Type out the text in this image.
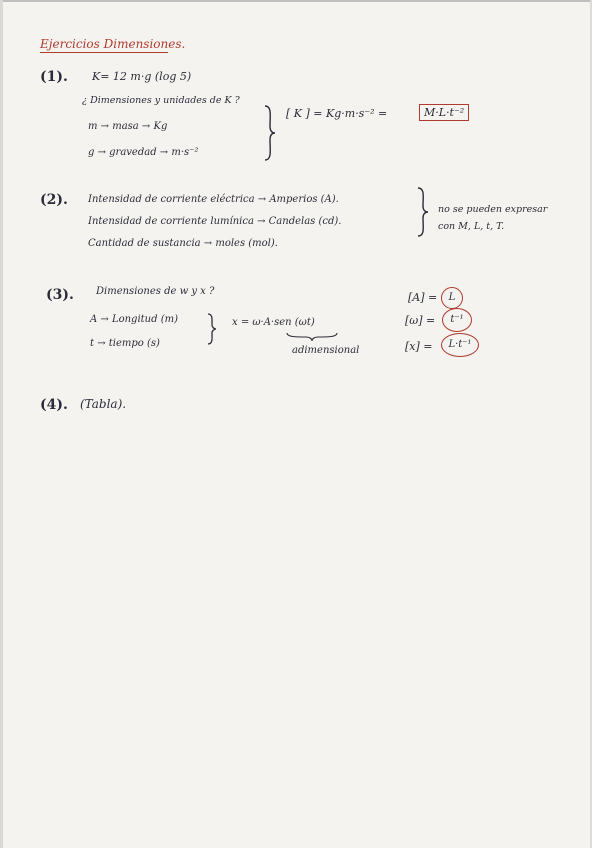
Ejercicios Dimensiones.
(1). K= 12 m·g (log 5)
¿ Dimensiones y unidades de K ?
m → masa → Kg
g → gravedad → m·s⁻²
[ K ] = Kg·m·s⁻² =	M·L·t⁻²
(2). Intensidad de corriente eléctrica → Amperios (A).
Intensidad de corriente lumínica → Candelas (cd).
Cantidad de sustancia → moles (mol).
no se pueden expresar
con M, L, t, T.
(3). Dimensiones de w y x ?
A → Longitud (m)
t → tiempo (s)
x = ω·A·sen (ωt)
adimensional
[A] =	L
[ω] =	t⁻¹
[x] =	L·t⁻¹
(4). (Tabla).
